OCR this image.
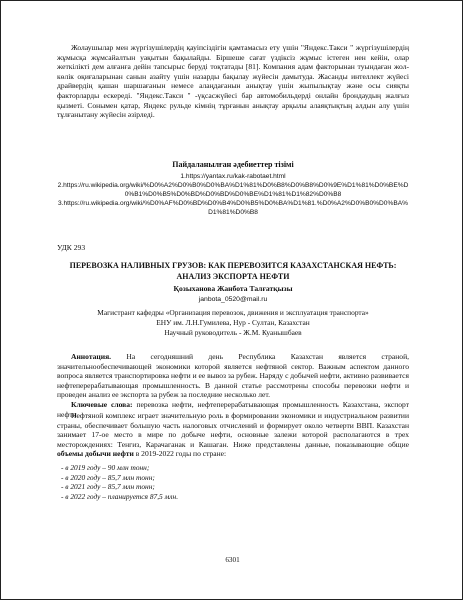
Жолаушылар мен жүргізушілердің қауіпсіздігін қамтамасыз ету үшін "Яндекс.Такси " жүргізушілердің жұмысқа жұмсайалтын уақытын бақылайды. Біршеше сағат үздіксіз жұмыс істеген нен кейін, олар жеткілікті дем алғанға дейін тапсырыс беруді тоқтатады [81]. Компания адам факторынан туындаған жол-көлік оқиғаларынан санын азайту үшін назарды бақылау жүйесін дамытуда. Жасанды интеллект жүйесі драйвердің қашан шаршағанын немесе алаңдағанын анықтау үшін жыпылықтау және осы сияқты факторларды ескереді. "Яндекс.Такси " -үқсасжүйесі бар автомобильдерді онлайн брондаудың жалғыз қызметі. Сонымен қатар, Яндекс рульде кімнің тұрғанын анықтау арқылы алаяқтықтың алдын алу үшін тұлғанытану жүйесін әзірледі.

Пайдаланылған әдебиеттер тізімі
1.https://yantax.ru/kak-rabotaet.html
2.https://ru.wikipedia.org/wiki/%D0%A2%D0%B0%D0%BA%D1%81%D0%B8%D0%B8%D0%9E%D1%81%D0%BE%D0%B1%D0%B5%D0%BD%D0%BD%D0%BE%D1%81%D1%82%D0%B8
3.https://ru.wikipedia.org/wiki/%D0%AF%D0%BD%D0%B4%D0%B5%D0%BA%D1%81.%D0%A2%D0%B0%D0%BA%D1%81%D0%B8
УДК 293
ПЕРЕВОЗКА НАЛИВНЫХ ГРУЗОВ: КАК ПЕРЕВОЗИТСЯ КАЗАХСТАНСКАЯ НЕФТЬ: АНАЛИЗ ЭКСПОРТА НЕФТИ
Қозыханова Жанбота Талғатқызы
janbota_0520@mail.ru
Магистрант кафедры «Организация перевозок, движения и эксплуатация транспорта»
ЕНУ им. Л.Н.Гумилева, Нур - Султан, Казахстан
Научный руководитель - Ж.М. Куанышбаев

Аннотация. На сегодняшний день Республика Казахстан является страной, значительнообеспечивающей экономики которой является нефтяной сектор. Важным аспектом данного вопроса является транспортировка нефти и ее вывоз за рубеж. Наряду с добычей нефти, активно развивается нефтеперерабатывающая промышленность. В данной статье рассмотрены способы перевозки нефти и проведен анализ ее экспорта за рубеж за последние несколько лет.

Ключевые слова: перевозка нефти, нефтеперерабатывающая промышленность Казахстана, экспорт нефти

Нефтяной комплекс играет значительную роль в формировании экономики и индустриальном развитии страны, обеспечивает большую часть налоговых отчислений и формирует около четверти ВВП. Казахстан занимает 17-ое место в мире по добыче нефти, основные залежи которой располагаются в трех месторождениях: Тенгиз, Карачаганак и Кашаган. Ниже представлены данные, показывающие общие объемы добычи нефти в 2019-2022 годы по стране:

- в 2019 году – 90 млн тонн;
- в 2020 году – 85,7 млн тонн;
- в 2021 году – 85,7 млн тонн;
- в 2022 году – планируется 87,5 млн.
6301
